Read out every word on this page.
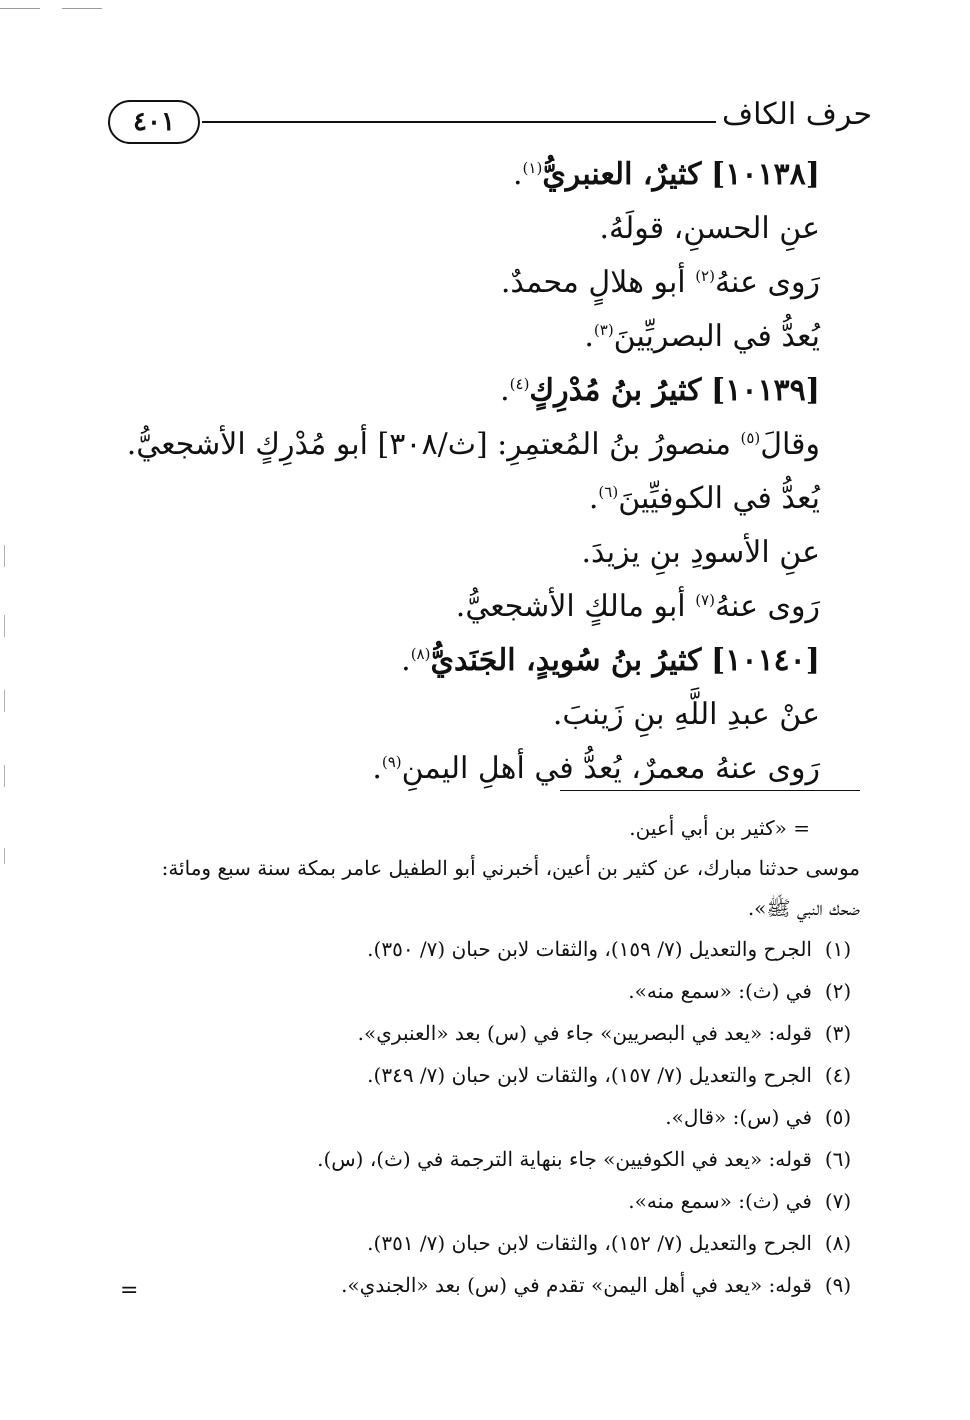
٤٠١	حرف الكاف
[١٠١٣٨] كثيرٌ، العنبريُّ$^{(١)}$.
عنِ الحسنِ، قولَهُ.
رَوى عنهُ$^{(٢)}$ أبو هلالٍ محمدٌ.
يُعدُّ في البصريِّينَ$^{(٣)}$.
[١٠١٣٩] كثيرُ بنُ مُدْرِكٍ$^{(٤)}$.
وقالَ$^{(٥)}$ منصورُ بنُ المُعتمِرِ: [ث/٣٠٨] أبو مُدْرِكٍ الأشجعيُّ.
يُعدُّ في الكوفيِّينَ$^{(٦)}$.
عنِ الأسودِ بنِ يزيدَ.
رَوى عنهُ$^{(٧)}$ أبو مالكٍ الأشجعيُّ.
[١٠١٤٠] كثيرُ بنُ سُويدٍ، الجَنَديُّ$^{(٨)}$.
عنْ عبدِ اللَّهِ بنِ زَينبَ.
رَوى عنهُ معمرٌ، يُعدُّ في أهلِ اليمنِ$^{(٩)}$.
= «كثير بن أبي أعين.
موسى حدثنا مبارك، عن كثير بن أعين، أخبرني أبو الطفيل عامر بمكة سنة سبع ومائة:
ضحك النبي ﷺ».
(١)
الجرح والتعديل (٧/ ١٥٩)، والثقات لابن حبان (٧/ ٣٥٠).
(٢)
في (ث): «سمع منه».
(٣)
قوله: «يعد في البصريين» جاء في (س) بعد «العنبري».
(٤)
الجرح والتعديل (٧/ ١٥٧)، والثقات لابن حبان (٧/ ٣٤٩).
(٥)
في (س): «قال».
(٦)
قوله: «يعد في الكوفيين» جاء بنهاية الترجمة في (ث)، (س).
(٧)
في (ث): «سمع منه».
(٨)
الجرح والتعديل (٧/ ١٥٢)، والثقات لابن حبان (٧/ ٣٥١).
(٩)
قوله: «يعد في أهل اليمن» تقدم في (س) بعد «الجندي».
=
